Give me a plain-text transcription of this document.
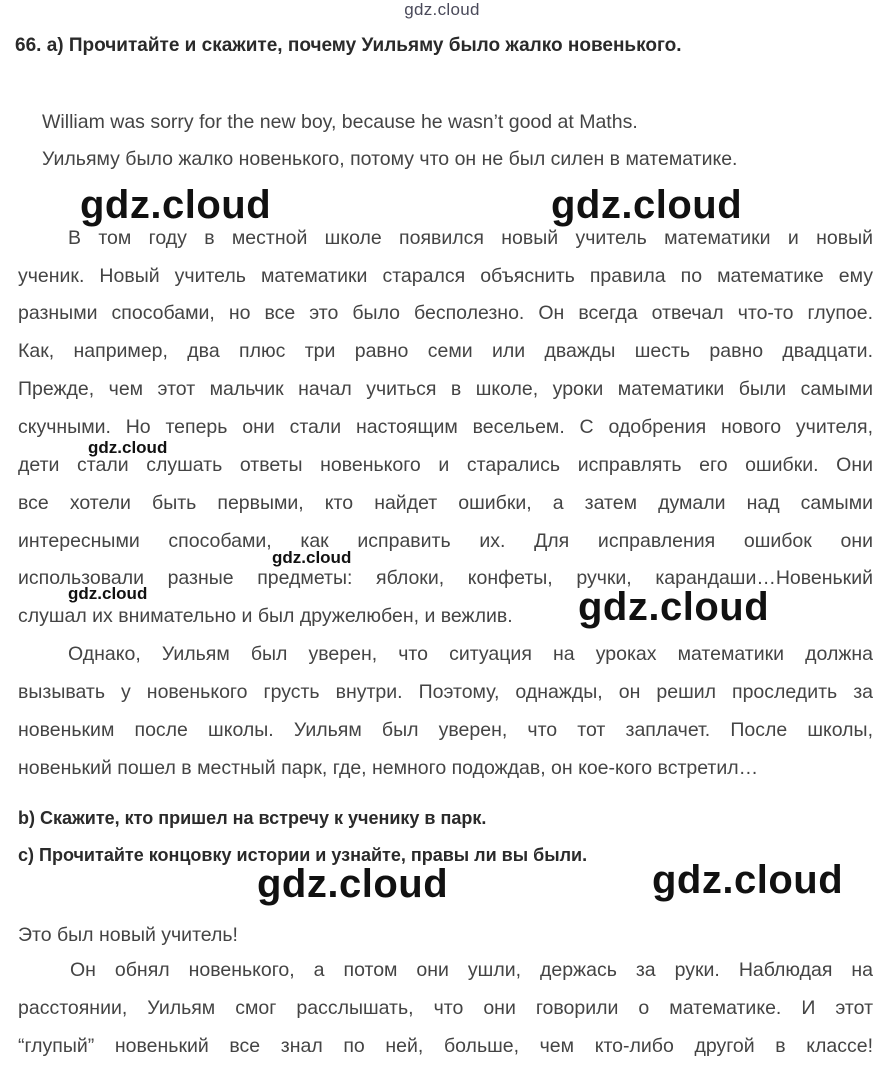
gdz.cloud
66. a) Прочитайте и скажите, почему Уильяму было жалко новенького.
William was sorry for the new boy, because he wasn’t good at Maths.
Уильяму было жалко новенького, потому что он не был силен в математике.
В том году в местной школе появился новый учитель математики и новый
ученик. Новый учитель математики старался объяснить правила по математике ему
разными способами, но все это было бесполезно. Он всегда отвечал что-то глупое.
Как, например, два плюс три равно семи или дважды шесть равно двадцати.
Прежде, чем этот мальчик начал учиться в школе, уроки математики были самыми
скучными. Но теперь они стали настоящим весельем. С одобрения нового учителя,
дети стали слушать ответы новенького и старались исправлять его ошибки. Они
все хотели быть первыми, кто найдет ошибки, а затем думали над самыми
интересными способами, как исправить их. Для исправления ошибок они
использовали разные предметы: яблоки, конфеты, ручки, карандаши…Новенький
слушал их внимательно и был дружелюбен, и вежлив.
Однако, Уильям был уверен, что ситуация на уроках математики должна
вызывать у новенького грусть внутри. Поэтому, однажды, он решил проследить за
новеньким после школы. Уильям был уверен, что тот заплачет. После школы,
новенький пошел в местный парк, где, немного подождав, он кое-кого встретил…
b) Скажите, кто пришел на встречу к ученику в парк.
c) Прочитайте концовку истории и узнайте, правы ли вы были.
Это был новый учитель!
Он обнял новенького, а потом они ушли, держась за руки. Наблюдая на
расстоянии, Уильям смог расслышать, что они говорили о математике. И этот
“глупый” новенький все знал по ней, больше, чем кто-либо другой в классе!
gdz.cloud	gdz.cloud
gdz.cloud
gdz.cloud
gdz.cloud	gdz.cloud
gdz.cloud	gdz.cloud
